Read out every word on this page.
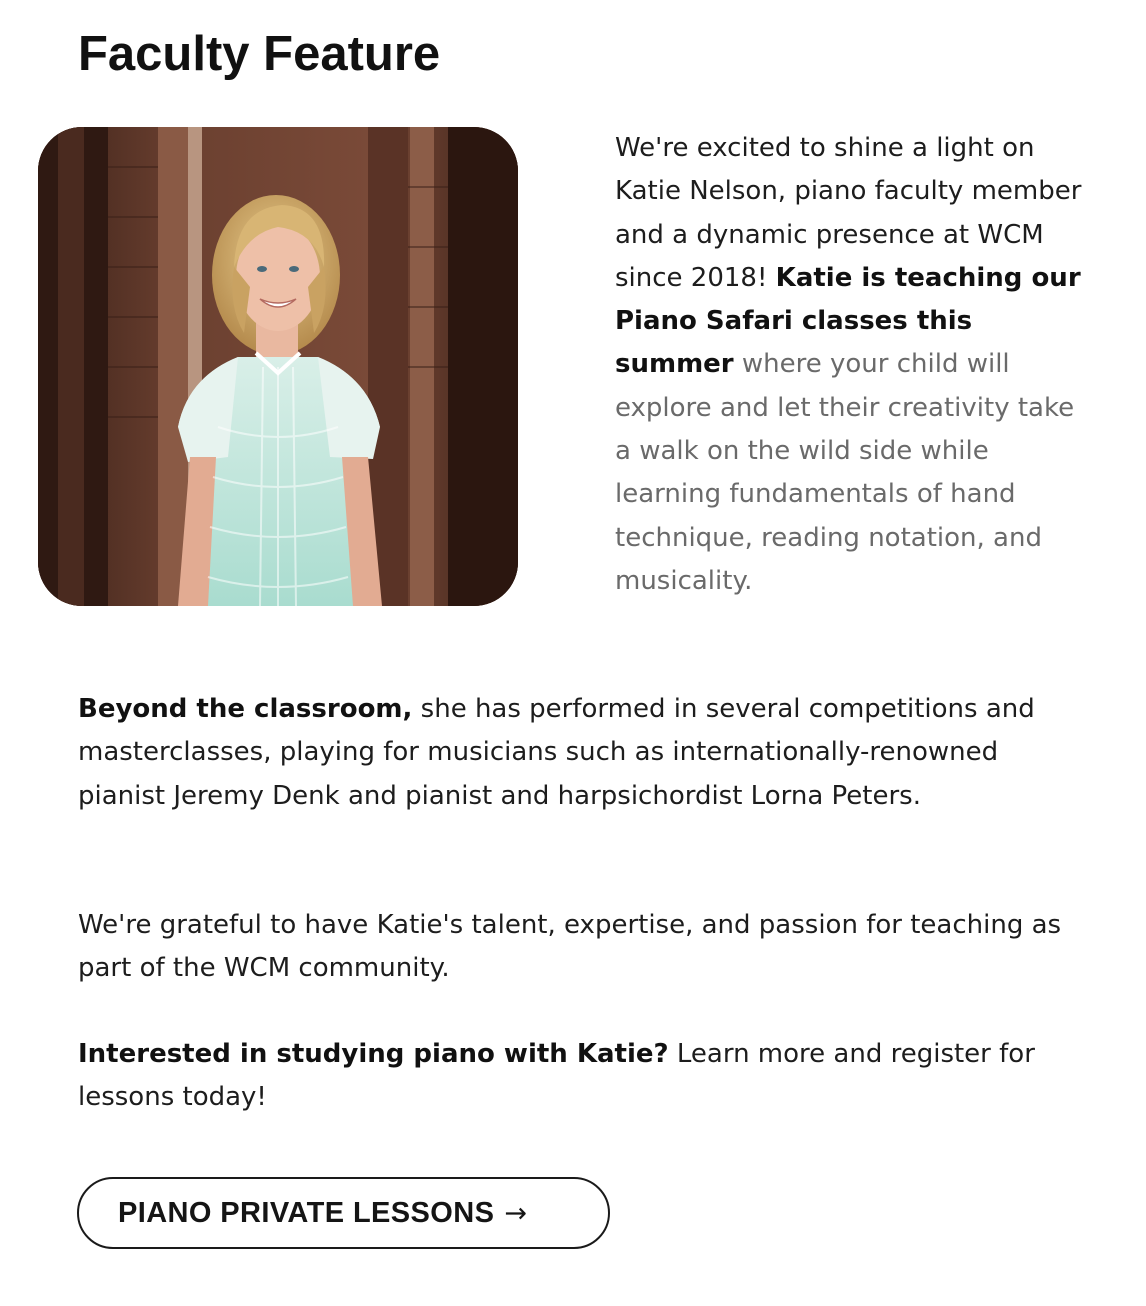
Faculty Feature

We're excited to shine a light on Katie Nelson, piano faculty member and a dynamic presence at WCM since 2018! Katie is teaching our Piano Safari classes this summer where your child will explore and let their creativity take a walk on the wild side while learning fundamentals of hand technique, reading notation, and musicality.

Beyond the classroom, she has performed in several competitions and masterclasses, playing for musicians such as internationally-renowned pianist Jeremy Denk and pianist and harpsichordist Lorna Peters.

We're grateful to have Katie's talent, expertise, and passion for teaching as part of the WCM community.

Interested in studying piano with Katie? Learn more and register for lessons today!

PIANO PRIVATE LESSONS →
